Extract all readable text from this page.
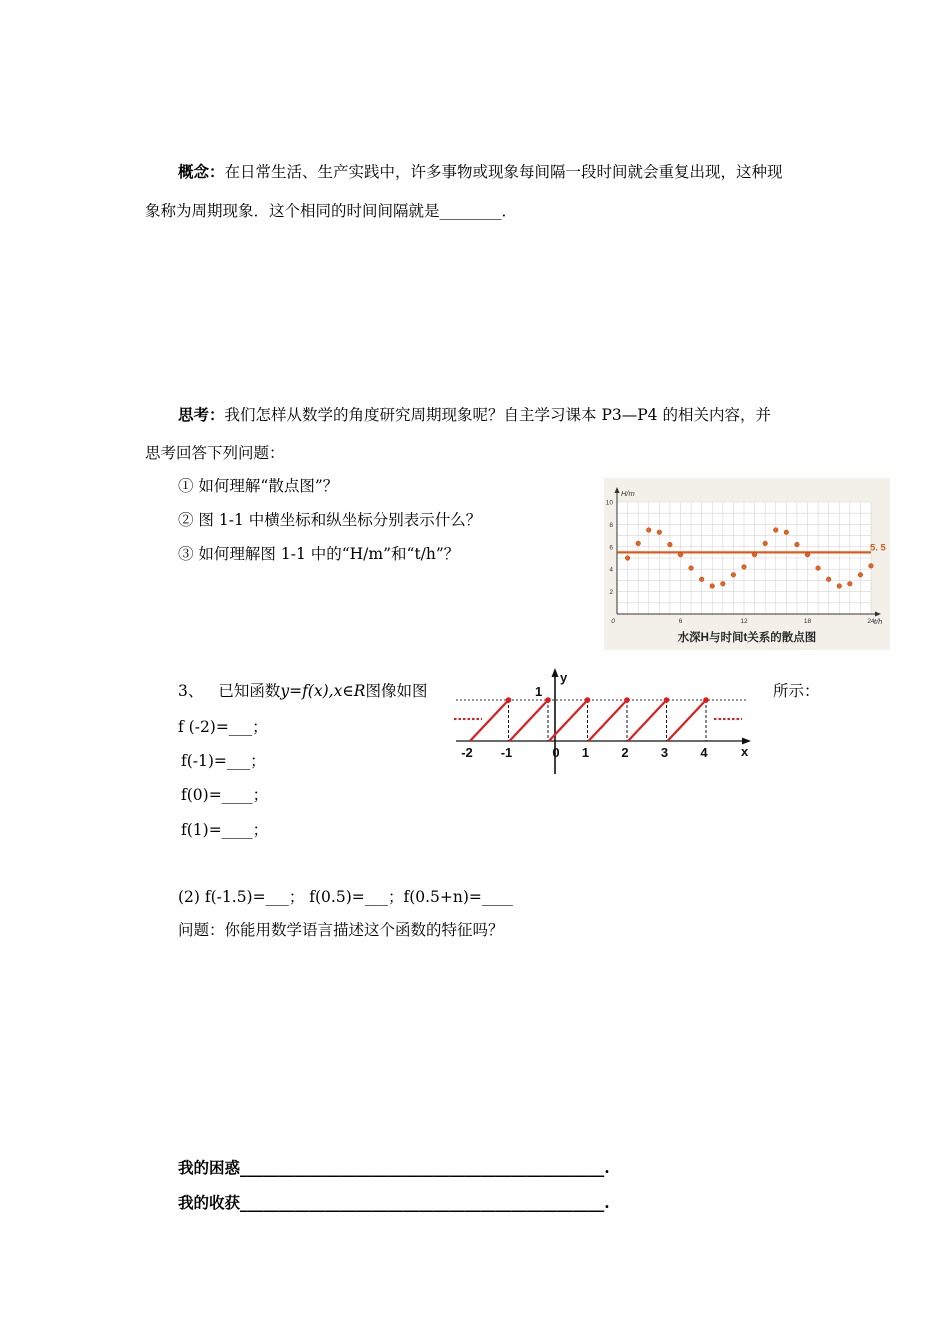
概念：在日常生活、生产实践中，许多事物或现象每间隔一段时间就会重复出现，这种现
象称为周期现象．这个相同的时间间隔就是________．
思考：我们怎样从数学的角度研究周期现象呢？自主学习课本 P3—P4 的相关内容，并
思考回答下列问题：
① 如何理解“散点图”？
② 图 1-1 中横坐标和纵坐标分别表示什么？
③ 如何理解图 1-1 中的“H/m”和“t/h”？
2
4
6
8
10
0	6	12	18	24
H/m
t/h
5. 5
水深H与时间t关系的散点图
3、 已知函数y=f(x),x∈R图像如图	所示：
f (-2)=___；
f(-1)=___；
f(0)=____；
f(1)=____；
(2) f(-1.5)=___； f(0.5)=___；f(0.5+n)=____
问题：你能用数学语言描述这个函数的特征吗？
-2 -1	0 1 2 3 4
1
y
x
我的困惑_______________________________________________.
我的收获_______________________________________________.
